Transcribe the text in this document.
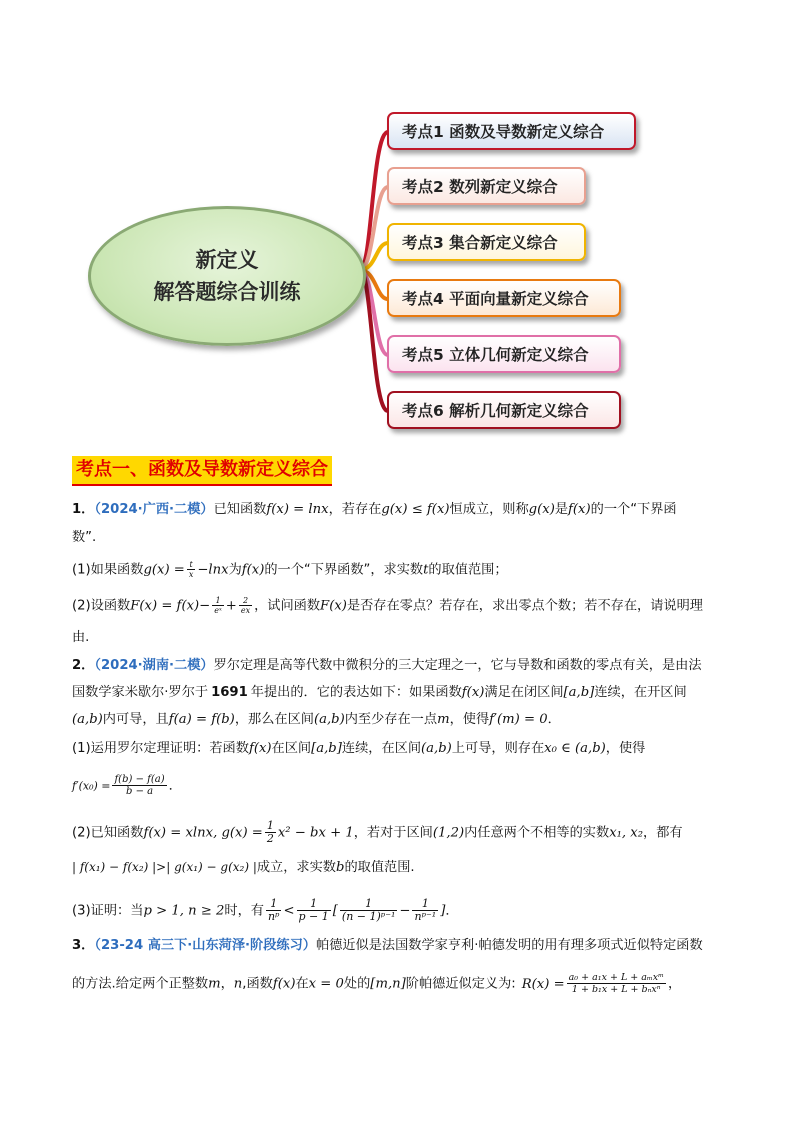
新定义
解答题综合训练
考点1 函数及导数新定义综合
考点2 数列新定义综合
考点3 集合新定义综合
考点4 平面向量新定义综合
考点5 立体几何新定义综合
考点6 解析几何新定义综合
考点一、函数及导数新定义综合
1．（2024·广西·二模）已知函数f(x) = lnx，若存在g(x) ≤ f(x)恒成立，则称g(x)是f(x)的一个“下界函
数”.
(1)如果函数$g(x) = \frac{t}{x} -\ln x$为f(x)的一个“下界函数”，求实数t的取值范围；
(2)设函数$F(x) = f(x)- \frac{1}{\text{eˣ}} + \frac{2}{ex}$ ，试问函数F(x)是否存在零点？若存在，求出零点个数；若不存在，请说明理
由.
2．（2024·湖南·二模）罗尔定理是高等代数中微积分的三大定理之一，它与导数和函数的零点有关，是由法
国数学家米歇尔·罗尔于 1691 年提出的．它的表达如下：如果函数f(x)满足在闭区间[a,b]连续，在开区间
(a,b)内可导，且f(a) = f(b)，那么在区间(a,b)内至少存在一点m，使得f′(m) = 0．
(1)运用罗尔定理证明：若函数f(x)在区间[a,b]连续，在区间(a,b)上可导，则存在x₀ ∈ (a,b)，使得
$f'(x_0) = \frac{f(b) - f(a)}{b - a}$ ．
(2)已知函数f(x) = xlnx, $g(x) = \frac{1}{2} x^2$ − bx + 1，若对于区间(1,2)内任意两个不相等的实数x₁, x₂，都有
| f(x₁) − f(x₂) |>| g(x₁) − g(x₂) |成立，求实数b的取值范围.
(3)证明：当p > 1, n ≥ 2时，有 $\frac{1}{\text{nᵖ}} < \frac{1}{p - 1}$ [ $\frac{1}{\text{(n − 1)ᵖ⁻¹}} - \frac{1}{\text{nᵖ⁻¹}}$ ]．
3．（23-24 高三下·山东菏泽·阶段练习）帕德近似是法国数学家亨利·帕德发明的用有理多项式近似特定函数
的方法.给定两个正整数m，n,函数f(x)在x = 0处的[m,n]阶帕德近似定义为: $R(x) = \frac{\text{a₀ + a₁x + L + aₘxᵐ}}{\text{1 + b₁x + L + bₙxⁿ}}$ ，
